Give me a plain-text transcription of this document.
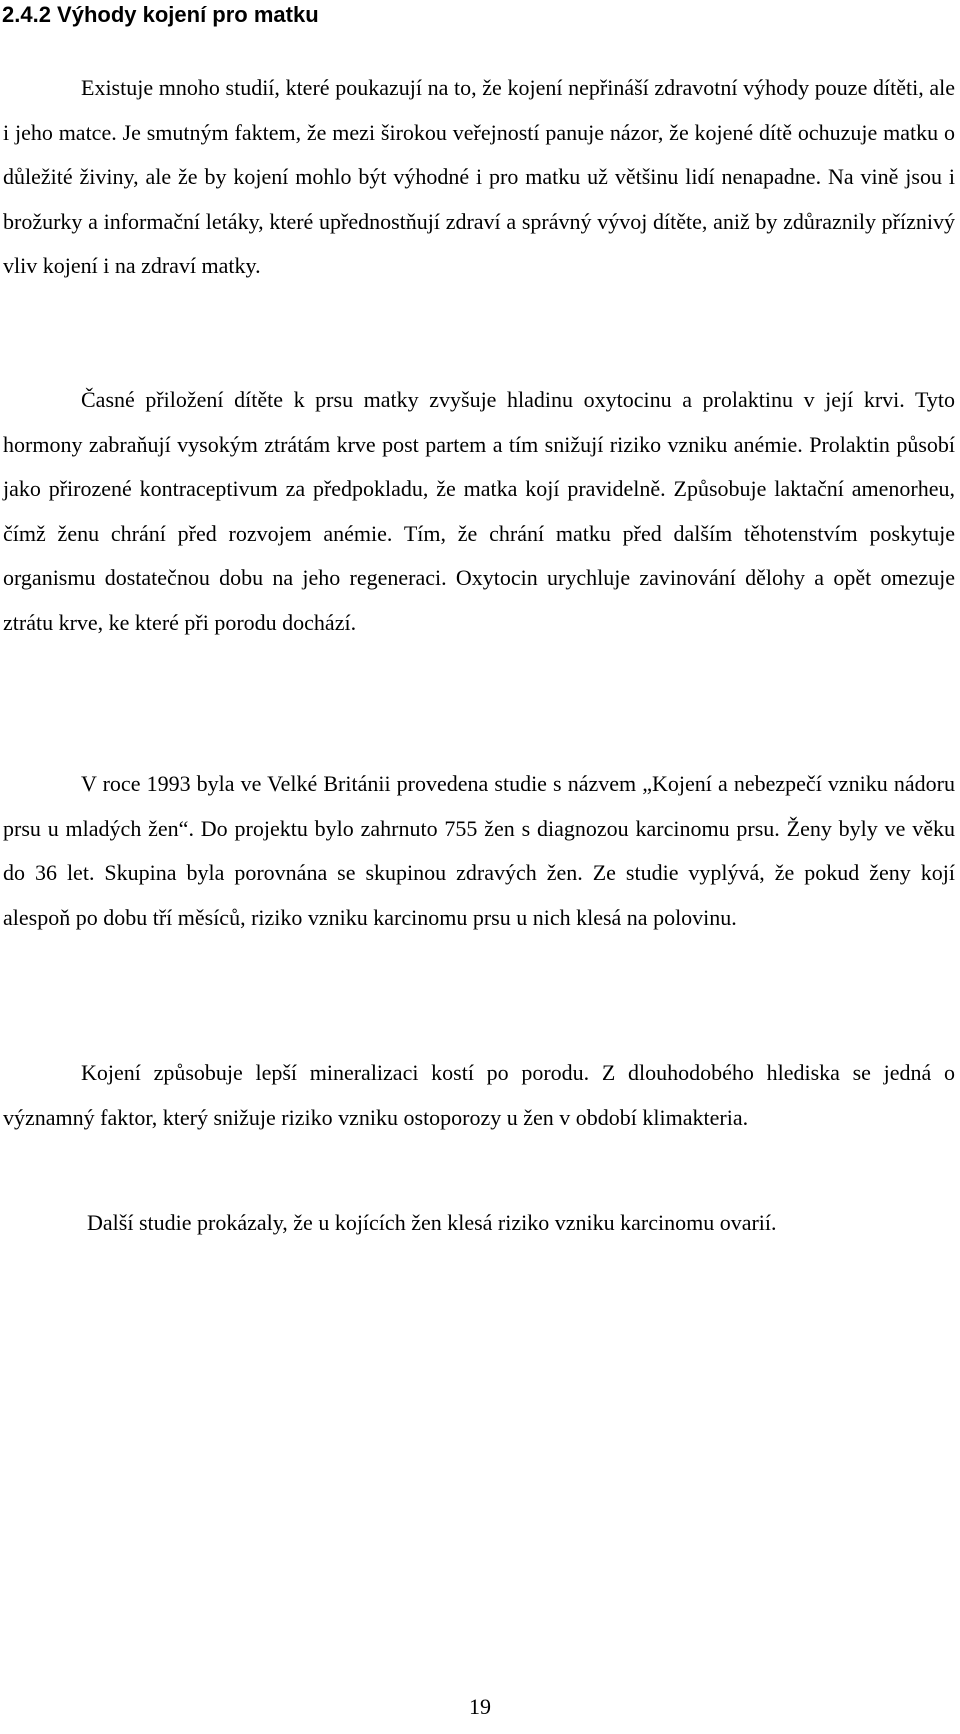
2.4.2 Výhody kojení pro matku

Existuje mnoho studií, které poukazují na to, že kojení nepřináší zdravotní výhody pouze dítěti, ale i jeho matce. Je smutným faktem, že mezi širokou veřejností panuje názor, že kojené dítě ochuzuje matku o důležité živiny, ale že by kojení mohlo být výhodné i pro matku už většinu lidí nenapadne. Na vině jsou i brožurky a informační letáky, které upřednostňují zdraví a správný vývoj dítěte, aniž by zdůraznily příznivý vliv kojení i na zdraví matky.

Časné přiložení dítěte k prsu matky zvyšuje hladinu oxytocinu a prolaktinu v její krvi. Tyto hormony zabraňují vysokým ztrátám krve post partem a tím snižují riziko vzniku anémie. Prolaktin působí jako přirozené kontraceptivum za předpokladu, že matka kojí pravidelně. Způsobuje laktační amenorheu, čímž ženu chrání před rozvojem anémie. Tím, že chrání matku před dalším těhotenstvím poskytuje organismu dostatečnou dobu na jeho regeneraci. Oxytocin urychluje zavinování dělohy a opět omezuje ztrátu krve, ke které při porodu dochází.

V roce 1993 byla ve Velké Británii provedena studie s názvem „Kojení a nebezpečí vzniku nádoru prsu u mladých žen“. Do projektu bylo zahrnuto 755 žen s diagnozou karcinomu prsu. Ženy byly ve věku do 36 let. Skupina byla porovnána se skupinou zdravých žen. Ze studie vyplývá, že pokud ženy kojí alespoň po dobu tří měsíců, riziko vzniku karcinomu prsu u nich klesá na polovinu.

Kojení způsobuje lepší mineralizaci kostí po porodu. Z dlouhodobého hlediska se jedná o významný faktor, který snižuje riziko vzniku ostoporozy u žen v období klimakteria.

Další studie prokázaly, že u kojících žen klesá riziko vzniku karcinomu ovarií.

19
